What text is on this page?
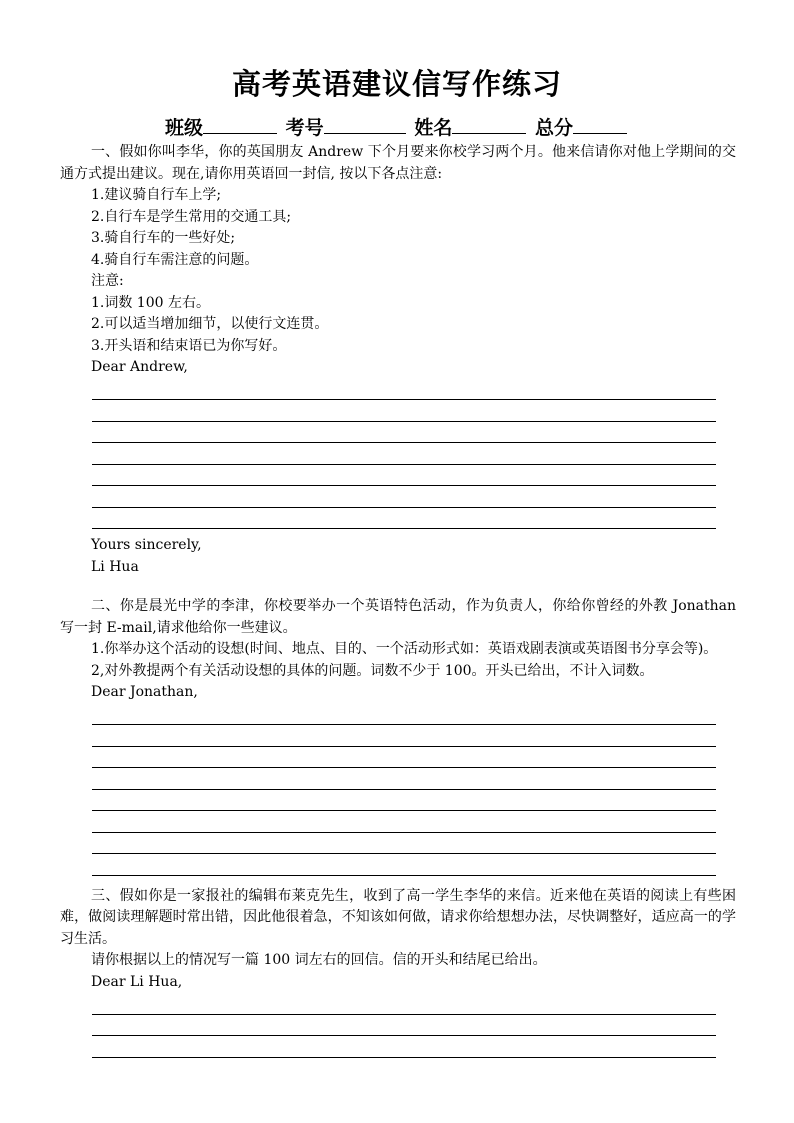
高考英语建议信写作练习
班级	考号	姓名	总分

一、假如你叫李华，你的英国朋友 Andrew 下个月要来你校学习两个月。他来信请你对他上学期间的交通方式提出建议。现在,请你用英语回一封信, 按以下各点注意:

1.建议骑自行车上学;

2.自行车是学生常用的交通工具;

3.骑自行车的一些好处;

4.骑自行车需注意的问题。

注意:

1.词数 100 左右。

2.可以适当增加细节，以使行文连贯。

3.开头语和结束语已为你写好。

Dear Andrew,

Yours sincerely,

Li Hua

二、你是晨光中学的李津，你校要举办一个英语特色活动，作为负责人，你给你曾经的外教 Jonathan 写一封 E-mail,请求他给你一些建议。

1.你举办这个活动的设想(时间、地点、目的、一个活动形式如：英语戏剧表演或英语图书分享会等)。

2,对外教提两个有关活动设想的具体的问题。词数不少于 100。开头已给出，不计入词数。

Dear Jonathan,

三、假如你是一家报社的编辑布莱克先生，收到了高一学生李华的来信。近来他在英语的阅读上有些困难，做阅读理解题时常出错，因此他很着急，不知该如何做，请求你给想想办法，尽快调整好，适应高一的学习生活。

请你根据以上的情况写一篇 100 词左右的回信。信的开头和结尾已给出。

Dear Li Hua,
